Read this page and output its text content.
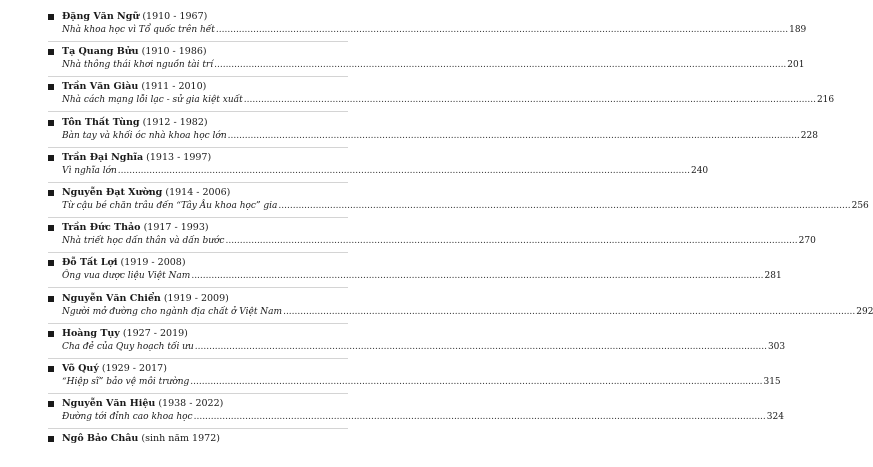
Đặng Văn Ngữ (1910 - 1967)
Nhà khoa học vì Tổ quốc trên hết ........................................................................................................................................................................................................ 189
Tạ Quang Bửu (1910 - 1986)
Nhà thông thái khơi nguồn tài trí ........................................................................................................................................................................................................ 201
Trần Văn Giàu (1911 - 2010)
Nhà cách mạng lỗi lạc - sử gia kiệt xuất ........................................................................................................................................................................................................ 216
Tôn Thất Tùng (1912 - 1982)
Bàn tay và khối óc nhà khoa học lớn ........................................................................................................................................................................................................ 228
Trần Đại Nghĩa (1913 - 1997)
Vì nghĩa lớn ........................................................................................................................................................................................................ 240
Nguyễn Đạt Xường (1914 - 2006)
Từ cậu bé chăn trâu đến “Tây Âu khoa học” gia ........................................................................................................................................................................................................ 256
Trần Đức Thảo (1917 - 1993)
Nhà triết học dấn thân và dấn bước ........................................................................................................................................................................................................ 270
Đỗ Tất Lợi (1919 - 2008)
Ông vua dược liệu Việt Nam ........................................................................................................................................................................................................ 281
Nguyễn Văn Chiển (1919 - 2009)
Người mở đường cho ngành địa chất ở Việt Nam ........................................................................................................................................................................................................ 292
Hoàng Tụy (1927 - 2019)
Cha đẻ của Quy hoạch tối ưu ........................................................................................................................................................................................................ 303
Võ Quý (1929 - 2017)
“Hiệp sĩ” bảo vệ môi trường ........................................................................................................................................................................................................ 315
Nguyễn Văn Hiệu (1938 - 2022)
Đường tới đỉnh cao khoa học ........................................................................................................................................................................................................ 324
Ngô Bảo Châu (sinh năm 1972)
